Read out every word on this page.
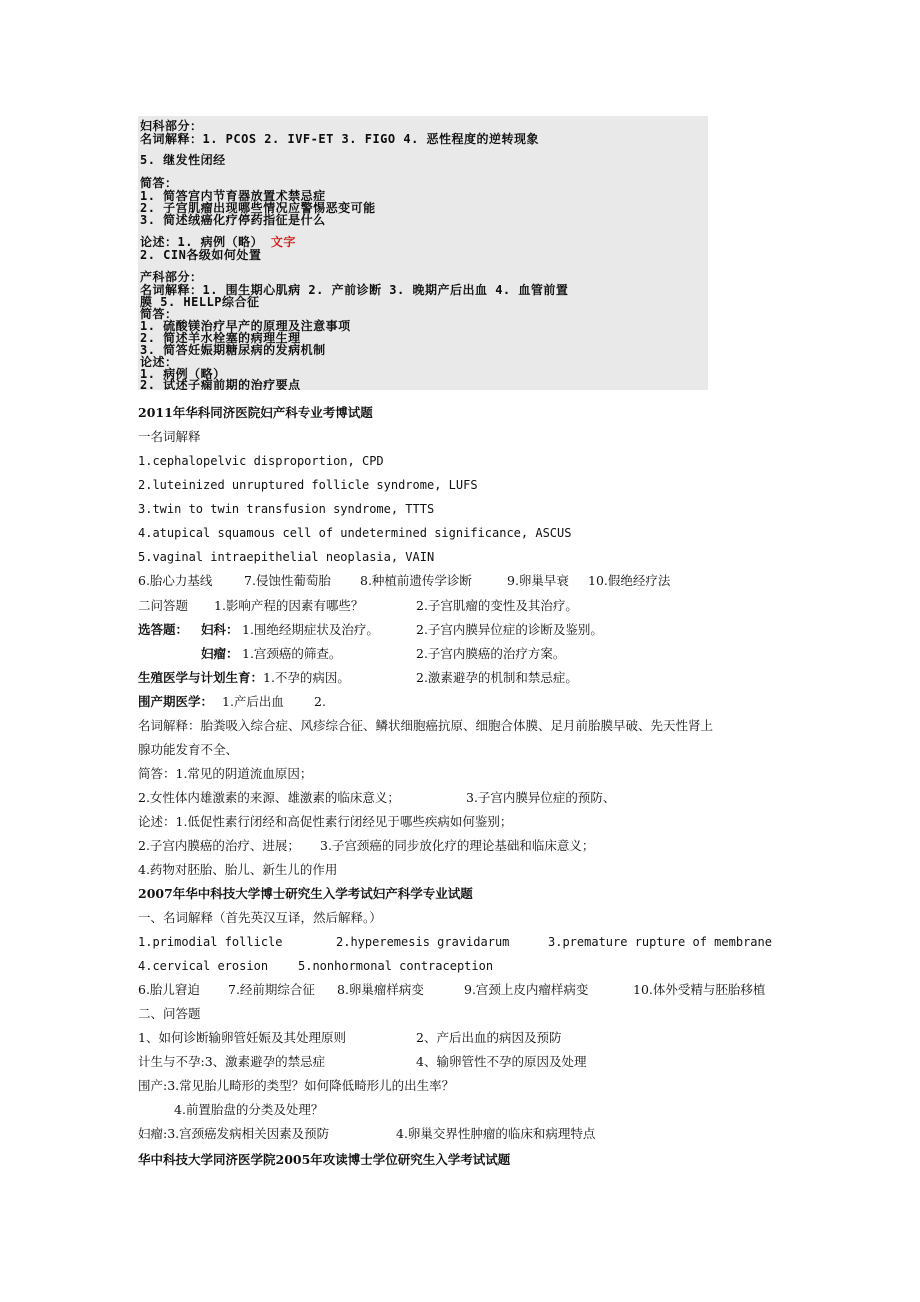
妇科部分：
名词解释：1. PCOS 2. IVF-ET 3. FIGO 4. 恶性程度的逆转现象
5. 继发性闭经
简答：
1. 简答宫内节育器放置术禁忌症
2. 子宫肌瘤出现哪些情况应警惕恶变可能
3. 简述绒癌化疗停药指征是什么
论述：1. 病例（略） 文字
2. CIN各级如何处置
产科部分：
名词解释：1. 围生期心肌病 2. 产前诊断 3. 晚期产后出血 4. 血管前置
膜 5. HELLP综合征
简答：
1. 硫酸镁治疗早产的原理及注意事项
2. 简述羊水栓塞的病理生理
3. 简答妊娠期糖尿病的发病机制
论述：
1. 病例（略）
2. 试述子痫前期的治疗要点
2011年华科同济医院妇产科专业考博试题
一名词解释
1.cephalopelvic disproportion, CPD
2.luteinized unruptured follicle syndrome, LUFS
3.twin to twin transfusion syndrome, TTTS
4.atupical squamous cell of undetermined significance, ASCUS
5.vaginal intraepithelial neoplasia, VAIN
6.胎心力基线	7.侵蚀性葡萄胎 8.种植前遗传学诊断	9.卵巢早衰 10.假绝经疗法
二问答题 1.影响产程的因素有哪些？	2.子宫肌瘤的变性及其治疗。
选答题： 妇科： 1.围绝经期症状及治疗。	2.子宫内膜异位症的诊断及鉴别。
妇瘤： 1.宫颈癌的筛查。	2.子宫内膜癌的治疗方案。
生殖医学与计划生育： 1.不孕的病因。	2.激素避孕的机制和禁忌症。
围产期医学： 1.产后出血 2.
名词解释：胎粪吸入综合症、风疹综合征、鳞状细胞癌抗原、细胞合体膜、足月前胎膜早破、先天性肾上
腺功能发育不全、
简答：1.常见的阴道流血原因；
2.女性体内雄激素的来源、雄激素的临床意义；	3.子宫内膜异位症的预防、
论述：1.低促性素行闭经和高促性素行闭经见于哪些疾病如何鉴别；
2.子宫内膜癌的治疗、进展； 3.子宫颈癌的同步放化疗的理论基础和临床意义；
4.药物对胚胎、胎儿、新生儿的作用
2007年华中科技大学博士研究生入学考试妇产科学专业试题
一、名词解释（首先英汉互译，然后解释。）
1.primodial follicle	2.hyperemesis gravidarum	3.premature rupture of membrane
4.cervical erosion 5.nonhormonal contraception
6.胎儿窘迫 7.经前期综合征 8.卵巢瘤样病变	9.宫颈上皮内瘤样病变	10.体外受精与胚胎移植
二、问答题
1、如何诊断输卵管妊娠及其处理原则	2、产后出血的病因及预防
计生与不孕:3、激素避孕的禁忌症	4、输卵管性不孕的原因及处理
围产:3.常见胎儿畸形的类型？如何降低畸形儿的出生率？
4.前置胎盘的分类及处理？
妇瘤:3.宫颈癌发病相关因素及预防	4.卵巢交界性肿瘤的临床和病理特点
华中科技大学同济医学院2005年攻读博士学位研究生入学考试试题
